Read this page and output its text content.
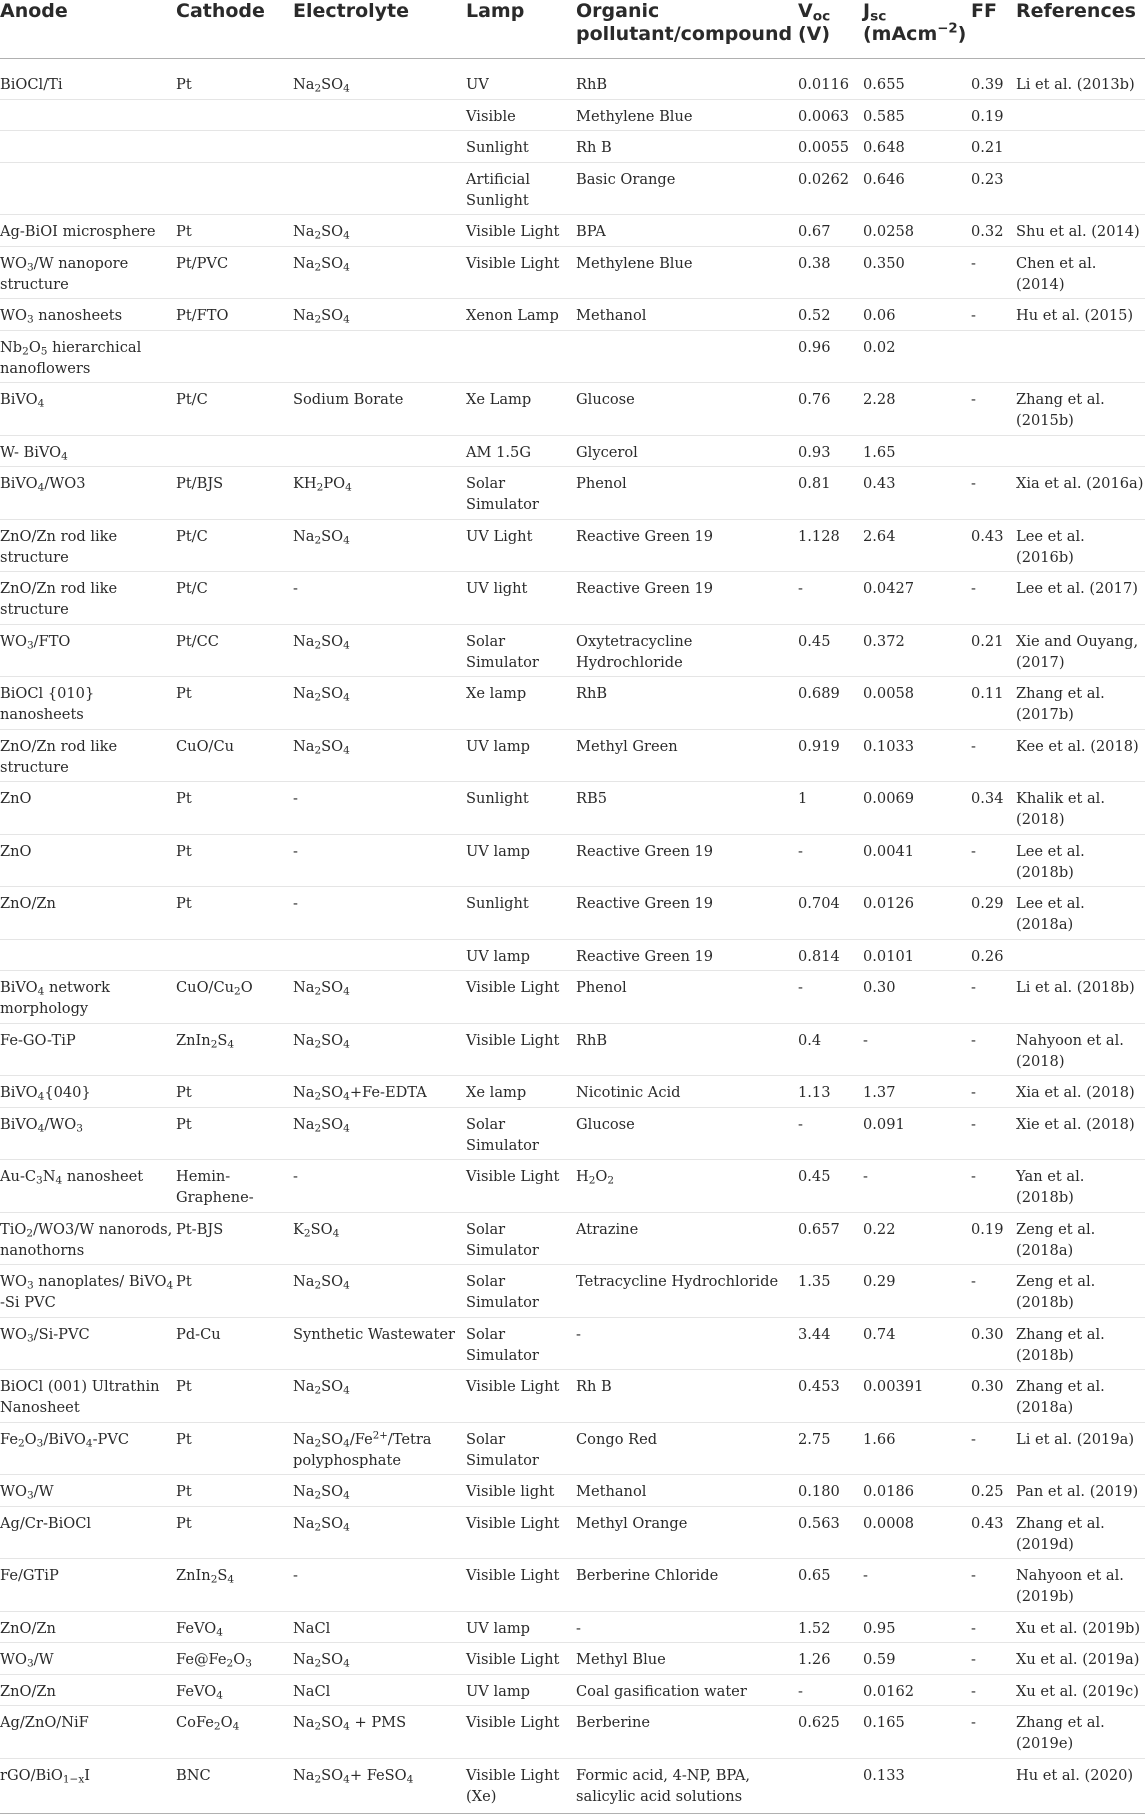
Anode	Cathode	Electrolyte	Lamp	Organic pollutant/compound	$V_{oc}$ (V)	$J_{sc}$ (mAcm$^{-2}$)	FF	References
BiOCl/Ti	Pt	$Na_2SO_4$	UV	RhB	0.0116	0.655	0.39	Li et al. (2013b)
			Visible	Methylene Blue	0.0063	0.585	0.19	
			Sunlight	Rh B	0.0055	0.648	0.21	
			Artificial Sunlight	Basic Orange	0.0262	0.646	0.23	
Ag-BiOI microsphere	Pt	$Na_2SO_4$	Visible Light	BPA	0.67	0.0258	0.32	Shu et al. (2014)
$WO_3/W$ nanopore structure	Pt/PVC	$Na_2SO_4$	Visible Light	Methylene Blue	0.38	0.350	-	Chen et al. (2014)
$WO_3$ nanosheets	Pt/FTO	$Na_2SO_4$	Xenon Lamp	Methanol	0.52	0.06	-	Hu et al. (2015)
$Nb_2O_5$ hierarchical nanoflowers					0.96	0.02		
BiVO$_4$	Pt/C	Sodium Borate	Xe Lamp	Glucose	0.76	2.28	-	Zhang et al. (2015b)
W- BiVO$_4$			AM 1.5G	Glycerol	0.93	1.65		
BiVO$_4$/WO3	Pt/BJS	$KH_2PO_4$	Solar Simulator	Phenol	0.81	0.43	-	Xia et al. (2016a)
ZnO/Zn rod like structure	Pt/C	$Na_2SO_4$	UV Light	Reactive Green 19	1.128	2.64	0.43	Lee et al. (2016b)
ZnO/Zn rod like structure	Pt/C	-	UV light	Reactive Green 19	-	0.0427	-	Lee et al. (2017)
$WO_3$/FTO	Pt/CC	$Na_2SO_4$	Solar Simulator	Oxytetracycline Hydrochloride	0.45	0.372	0.21	Xie and Ouyang, (2017)
BiOCl {010} nanosheets	Pt	$Na_2SO_4$	Xe lamp	RhB	0.689	0.0058	0.11	Zhang et al. (2017b)
ZnO/Zn rod like structure	CuO/Cu	$Na_2SO_4$	UV lamp	Methyl Green	0.919	0.1033	-	Kee et al. (2018)
ZnO	Pt	-	Sunlight	RB5	1	0.0069	0.34	Khalik et al. (2018)
ZnO	Pt	-	UV lamp	Reactive Green 19	-	0.0041	-	Lee et al. (2018b)
ZnO/Zn	Pt	-	Sunlight	Reactive Green 19	0.704	0.0126	0.29	Lee et al. (2018a)
			UV lamp	Reactive Green 19	0.814	0.0101	0.26	
BiVO$_4$ network morphology	CuO/$Cu_2O$	$Na_2SO_4$	Visible Light	Phenol	-	0.30	-	Li et al. (2018b)
Fe-GO-TiP	$ZnIn_2S_4$	$Na_2SO_4$	Visible Light	RhB	0.4	-	-	Nahyoon et al. (2018)
BiVO$_4${040}	Pt	$Na_2SO_4+Fe$-EDTA	Xe lamp	Nicotinic Acid	1.13	1.37	-	Xia et al. (2018)
$BiVO_4/WO_3$	Pt	$Na_2SO_4$	Solar Simulator	Glucose	-	0.091	-	Xie et al. (2018)
$Au-C_3N_4$ nanosheet	Hemin-Graphene-	-	Visible Light	$H_2O_2$	0.45	-	-	Yan et al. (2018b)
TiO$_2$/WO3/W nanorods, nanothorns	Pt-BJS	$K_2SO_4$	Solar Simulator	Atrazine	0.657	0.22	0.19	Zeng et al. (2018a)
$WO_3$ nanoplates/ BiVO$_4$ -Si PVC	Pt	$Na_2SO_4$	Solar Simulator	Tetracycline Hydrochloride	1.35	0.29	-	Zeng et al. (2018b)
$WO_3/Si$-PVC	Pd-Cu	Synthetic Wastewater	Solar Simulator	-	3.44	0.74	0.30	Zhang et al. (2018b)
BiOCl (001) Ultrathin Nanosheet	Pt	$Na_2SO_4$	Visible Light	Rh B	0.453	0.00391	0.30	Zhang et al. (2018a)
$Fe_2O_3/BiVO_4$-PVC	Pt	$Na_2SO_4/Fe^{2+}$/Tetra polyphosphate	Solar Simulator	Congo Red	2.75	1.66	-	Li et al. (2019a)
$WO_3/W$	Pt	$Na_2SO_4$	Visible light	Methanol	0.180	0.0186	0.25	Pan et al. (2019)
Ag/Cr-BiOCl	Pt	$Na_2SO_4$	Visible Light	Methyl Orange	0.563	0.0008	0.43	Zhang et al. (2019d)
Fe/GTiP	$ZnIn_2S_4$	-	Visible Light	Berberine Chloride	0.65	-	-	Nahyoon et al. (2019b)
ZnO/Zn	FeVO$_4$	NaCl	UV lamp	-	1.52	0.95	-	Xu et al. (2019b)
$WO_3/W$	$Fe@Fe_2O_3$	$Na_2SO_4$	Visible Light	Methyl Blue	1.26	0.59	-	Xu et al. (2019a)
ZnO/Zn	FeVO$_4$	NaCl	UV lamp	Coal gasification water	-	0.0162	-	Xu et al. (2019c)
Ag/ZnO/NiF	$CoFe_2O_4$	$Na_2SO_4$ + PMS	Visible Light	Berberine	0.625	0.165	-	Zhang et al. (2019e)
rGO/BiO$_{1-x}$I	BNC	$Na_2SO_4+$ FeSO$_4$	Visible Light (Xe)	Formic acid, 4-NP, BPA, salicylic acid solutions		0.133		Hu et al. (2020)
